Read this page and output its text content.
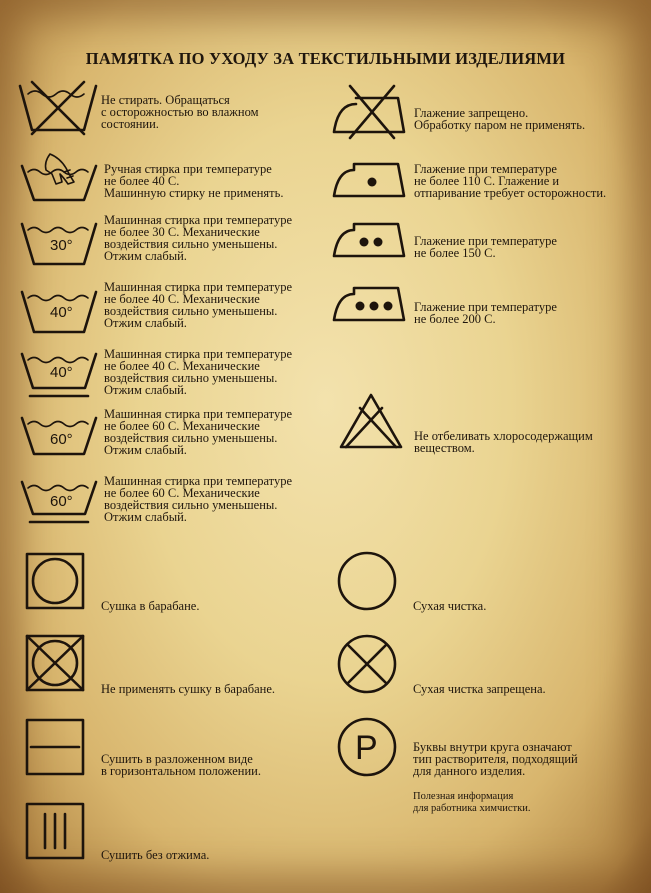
ПАМЯТКА ПО УХОДУ ЗА ТЕКСТИЛЬНЫМИ ИЗДЕЛИЯМИ
Не стирать. Обращаться
с осторожностью во влажном
состоянии.
Ручная стирка при температуре
не более 40 С.
Машинную стирку не применять.
30°
Машинная стирка при температуре
не более 30 С. Механические
воздействия сильно уменьшены.
Отжим слабый.
40°
Машинная стирка при температуре
не более 40 С. Механические
воздействия сильно уменьшены.
Отжим слабый.
40°
Машинная стирка при температуре
не более 40 С. Механические
воздействия сильно уменьшены.
Отжим слабый.
60°
Машинная стирка при температуре
не более 60 С. Механические
воздействия сильно уменьшены.
Отжим слабый.
60°
Машинная стирка при температуре
не более 60 С. Механические
воздействия сильно уменьшены.
Отжим слабый.
Сушка в барабане.
Не применять сушку в барабане.
Сушить в разложенном виде
в горизонтальном положении.
Сушить без отжима.
Глажение запрещено.
Обработку паром не применять.
Глажение при температуре
не более 110 С. Глажение и
отпаривание требует осторожности.
Глажение при температуре
не более 150 С.
Глажение при температуре
не более 200 С.
Не отбеливать хлоросодержащим
веществом.
Сухая чистка.
Сухая чистка запрещена.
P	Буквы внутри круга означают
тип растворителя, подходящий
для данного изделия.
Полезная информация
для работника химчистки.
